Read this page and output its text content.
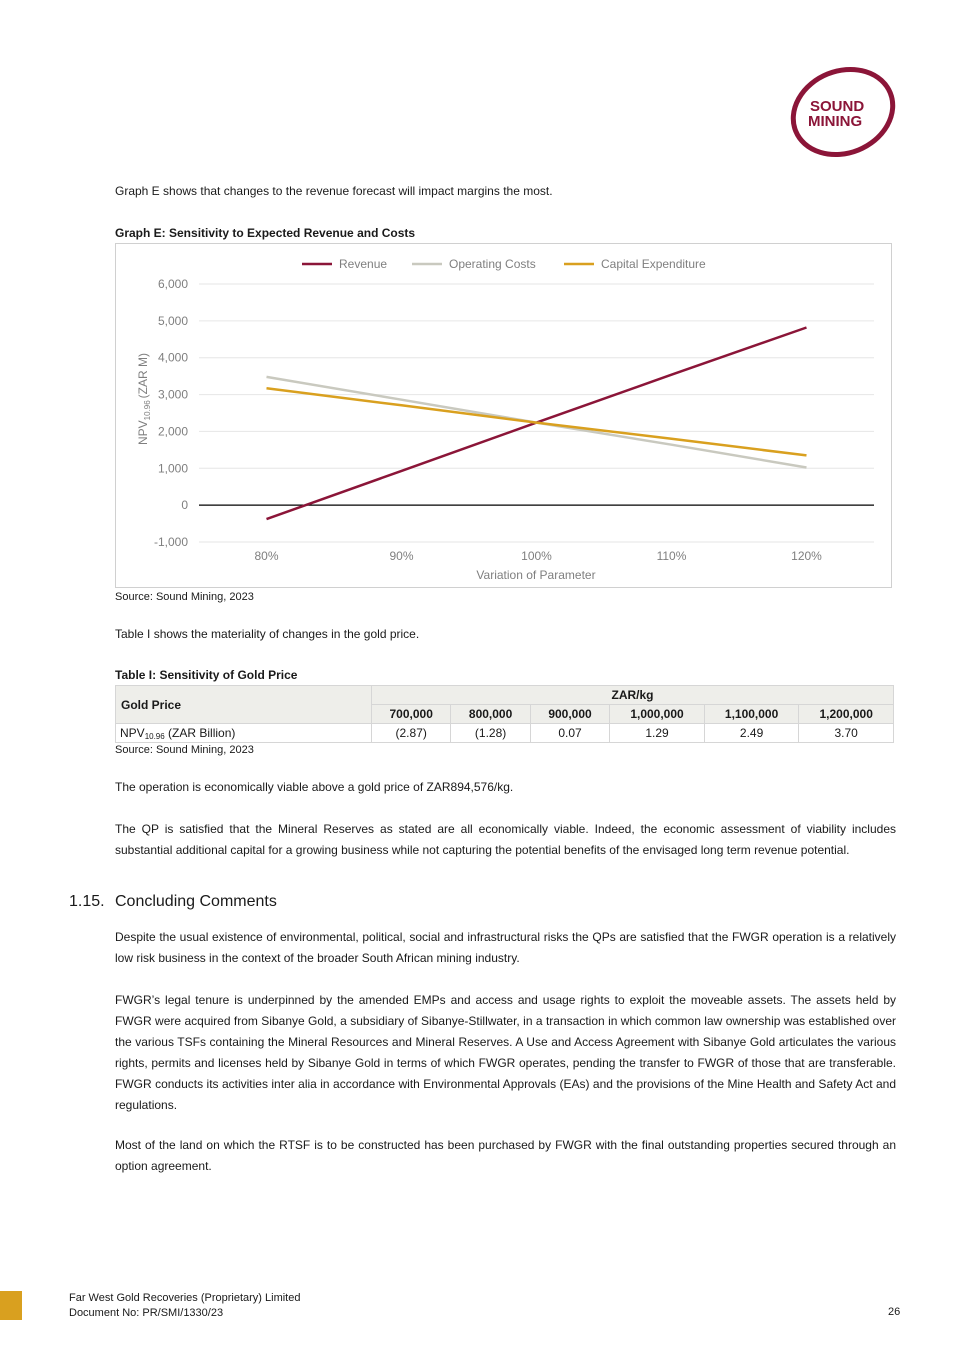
SOUND
MINING
Graph E shows that changes to the revenue forecast will impact margins the most.
Graph E: Sensitivity to Expected Revenue and Costs
Revenue	Operating Costs	Capital Expenditure
-1,000
0
1,000
2,000
3,000
4,000
5,000
6,000
80%	90%	100%	110%	120%
Variation of Parameter
$NPV_{10.96}(ZAR$ M)
Source: Sound Mining, 2023
Table I shows the materiality of changes in the gold price.
Table I: Sensitivity of Gold Price
Gold Price	ZAR/kg					
	700,000	800,000	900,000	1,000,000	1,100,000	1,200,000
$NPV_{10.96}$ (ZAR Billion)	(2.87)	(1.28)	0.07	1.29	2.49	3.70
Source: Sound Mining, 2023
The operation is economically viable above a gold price of ZAR894,576/kg.
The QP is satisfied that the Mineral Reserves as stated are all economically viable. Indeed, the economic assessment of viability includes substantial additional capital for a growing business while not capturing the potential benefits of the envisaged long term revenue potential.
1.15. Concluding Comments
Despite the usual existence of environmental, political, social and infrastructural risks the QPs are satisfied that the FWGR operation is a relatively low risk business in the context of the broader South African mining industry.
FWGR’s legal tenure is underpinned by the amended EMPs and access and usage rights to exploit the moveable assets. The assets held by FWGR were acquired from Sibanye Gold, a subsidiary of Sibanye-Stillwater, in a transaction in which common law ownership was established over the various TSFs containing the Mineral Resources and Mineral Reserves. A Use and Access Agreement with Sibanye Gold articulates the various rights, permits and licenses held by Sibanye Gold in terms of which FWGR operates, pending the transfer to FWGR of those that are transferable. FWGR conducts its activities inter alia in accordance with Environmental Approvals (EAs) and the provisions of the Mine Health and Safety Act and regulations.
Most of the land on which the RTSF is to be constructed has been purchased by FWGR with the final outstanding properties secured through an option agreement.
Far West Gold Recoveries (Proprietary) Limited
Document No: PR/SMI/1330/23	26
